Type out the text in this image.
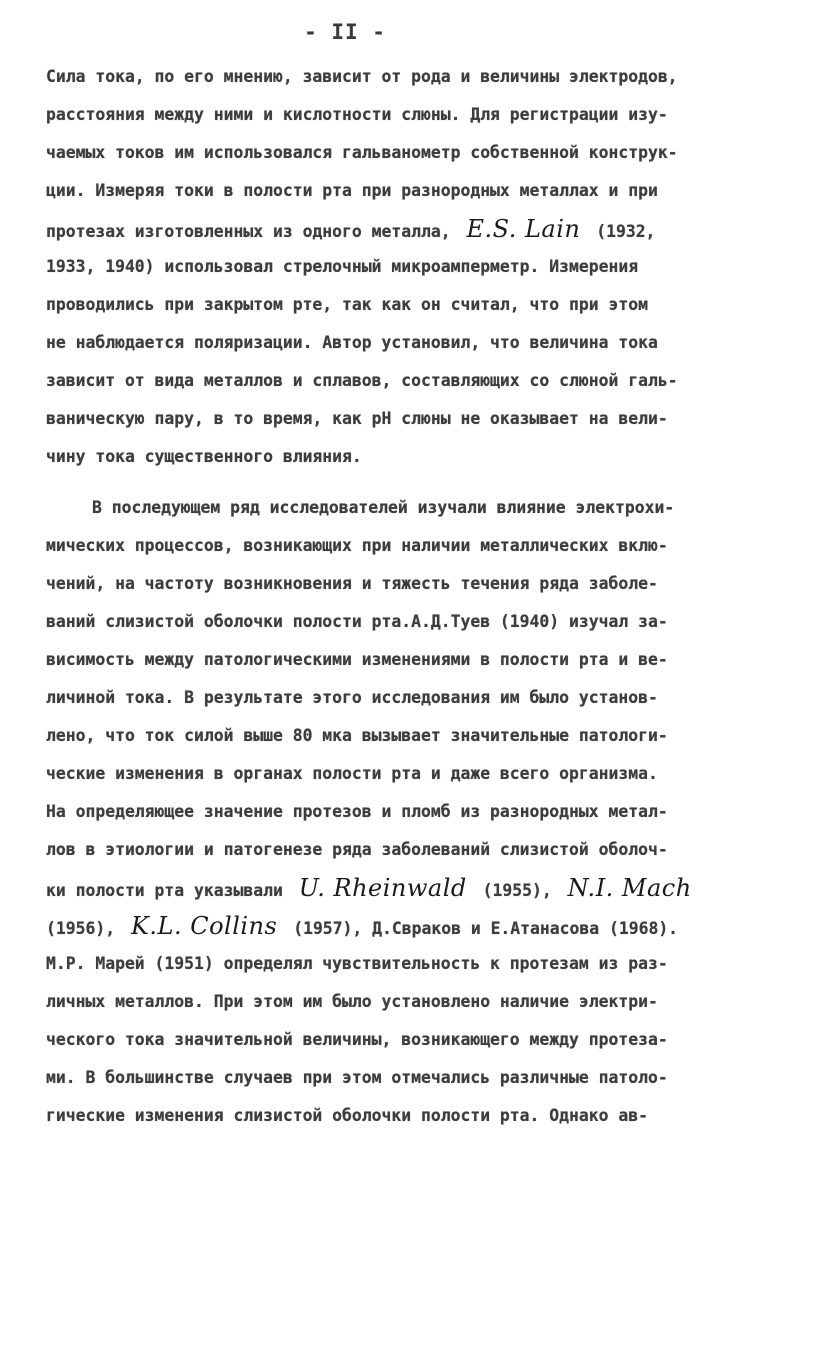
- II -
Сила тока, по его мнению, зависит от рода и величины электродов,
расстояния между ними и кислотности слюны. Для регистрации изу-
чаемых токов им использовался гальванометр собственной конструк-
ции. Измеряя токи в полости рта при разнородных металлах и при
протезах изготовленных из одного металла, E.S. Lain (1932,
1933, 1940) использовал стрелочный микроамперметр. Измерения
проводились при закрытом рте, так как он считал, что при этом
не наблюдается поляризации. Автор установил, что величина тока
зависит от вида металлов и сплавов, составляющих со слюной галь-
ваническую пару, в то время, как рН слюны не оказывает на вели-
чину тока существенного влияния.
В последующем ряд исследователей изучали влияние электрохи-
мических процессов, возникающих при наличии металлических вклю-
чений, на частоту возникновения и тяжесть течения ряда заболе-
ваний слизистой оболочки полости рта.А.Д.Туев (1940) изучал за-
висимость между патологическими изменениями в полости рта и ве-
личиной тока. В результате этого исследования им было установ-
лено, что ток силой выше 80 мка вызывает значительные патологи-
ческие изменения в органах полости рта и даже всего организма.
На определяющее значение протезов и пломб из разнородных метал-
лов в этиологии и патогенезе ряда заболеваний слизистой оболоч-
ки полости рта указывали U. Rheinwald (1955), N.I. Mach
(1956), K.L. Collins (1957), Д.Свраков и Е.Атанасова (1968).
М.Р. Марей (1951) определял чувствительность к протезам из раз-
личных металлов. При этом им было установлено наличие электри-
ческого тока значительной величины, возникающего между протеза-
ми. В большинстве случаев при этом отмечались различные патоло-
гические изменения слизистой оболочки полости рта. Однако ав-
